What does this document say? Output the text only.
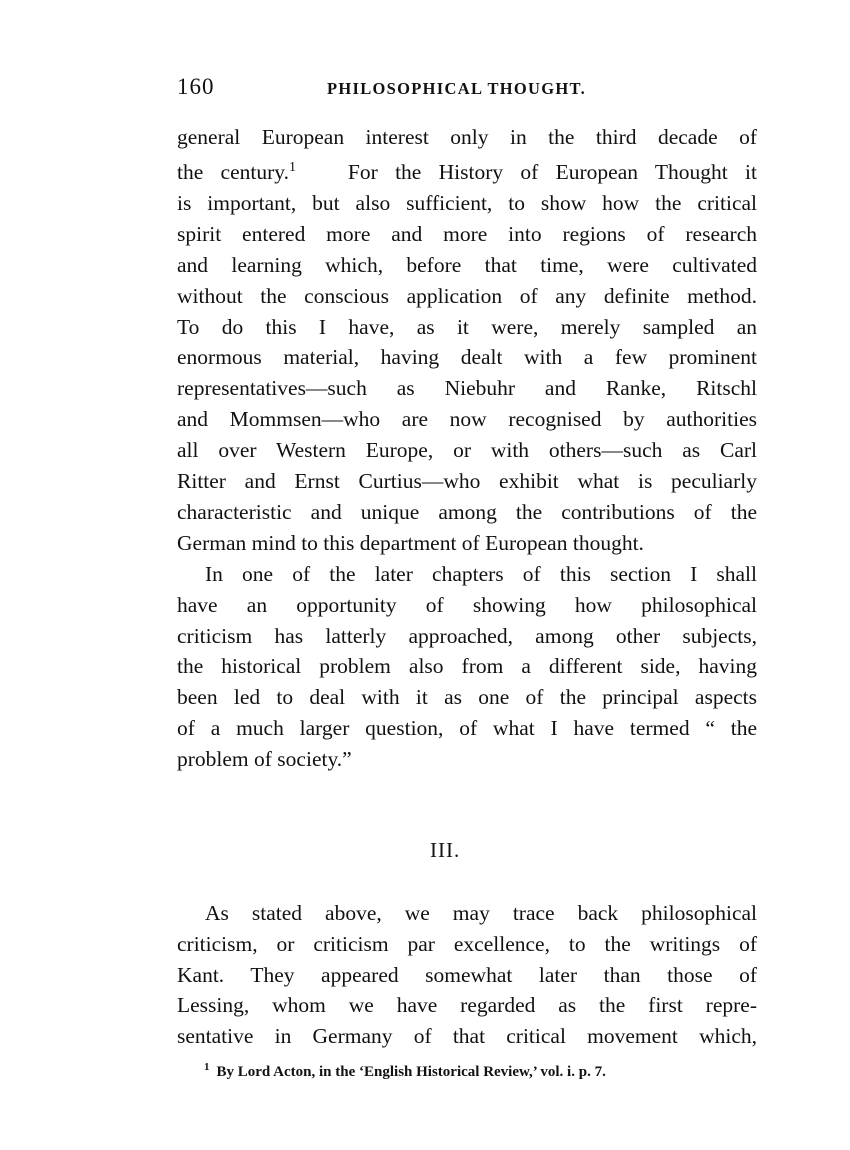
160	PHILOSOPHICAL THOUGHT.
general European interest only in the third decade of
the century.$^1$ For the History of European Thought it
is important, but also sufficient, to show how the critical
spirit entered more and more into regions of research
and learning which, before that time, were cultivated
without the conscious application of any definite method.
To do this I have, as it were, merely sampled an
enormous material, having dealt with a few prominent
representatives—such as Niebuhr and Ranke, Ritschl
and Mommsen—who are now recognised by authorities
all over Western Europe, or with others—such as Carl
Ritter and Ernst Curtius—who exhibit what is peculiarly
characteristic and unique among the contributions of the
German mind to this department of European thought.
In one of the later chapters of this section I shall
have an opportunity of showing how philosophical
criticism has latterly approached, among other subjects,
the historical problem also from a different side, having
been led to deal with it as one of the principal aspects
of a much larger question, of what I have termed “ the
problem of society.”
III.
As stated above, we may trace back philosophical
criticism, or criticism par excellence, to the writings of
Kant. They appeared somewhat later than those of
Lessing, whom we have regarded as the first repre-
sentative in Germany of that critical movement which,
$^1$ By Lord Acton, in the ‘English Historical Review,’ vol. i. p. 7.
